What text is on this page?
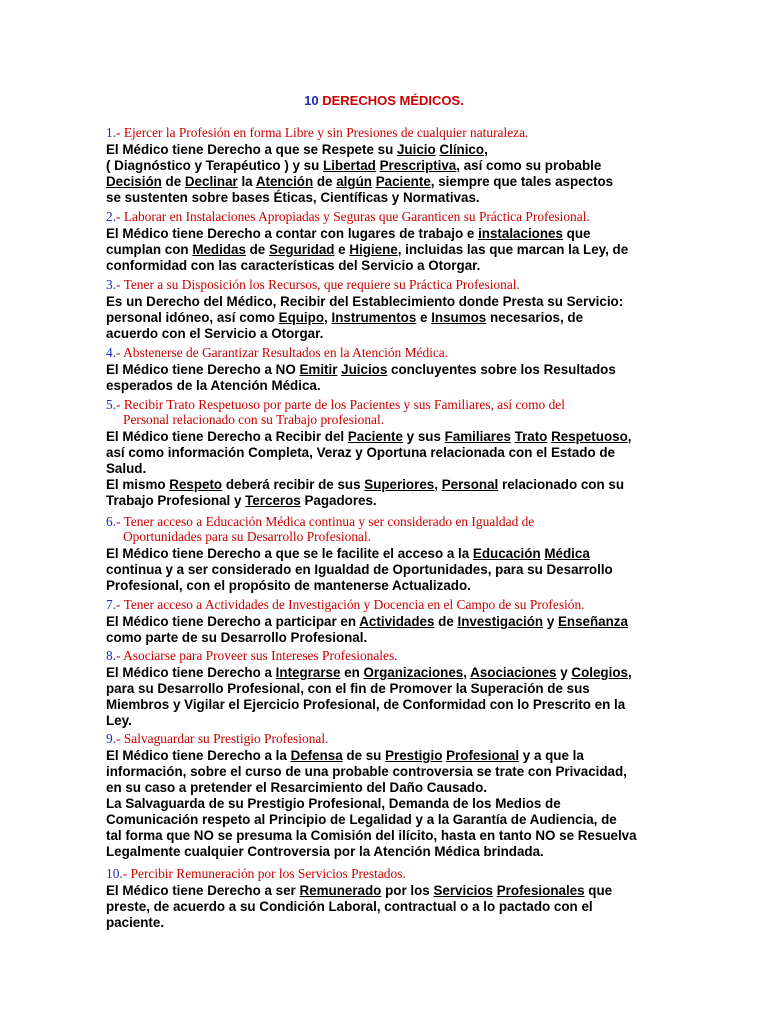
10 DERECHOS MÉDICOS.
1.- Ejercer la Profesión en forma Libre y sin Presiones de cualquier naturaleza.
El Médico tiene Derecho a que se Respete su Juicio Clínico,
( Diagnóstico y Terapéutico ) y su Libertad Prescriptiva, así como su probable
Decisión de Declinar la Atención de algún Paciente, siempre que tales aspectos
se sustenten sobre bases Éticas, Científicas y Normativas.
2.- Laborar en Instalaciones Apropiadas y Seguras que Garanticen su Práctica Profesional.
El Médico tiene Derecho a contar con lugares de trabajo e instalaciones que
cumplan con Medidas de Seguridad e Higiene, incluidas las que marcan la Ley, de
conformidad con las características del Servicio a Otorgar.
3.- Tener a su Disposición los Recursos, que requiere su Práctica Profesional.
Es un Derecho del Médico, Recibir del Establecimiento donde Presta su Servicio:
personal idóneo, así como Equipo, Instrumentos e Insumos necesarios, de
acuerdo con el Servicio a Otorgar.
4.- Abstenerse de Garantizar Resultados en la Atención Médica.
El Médico tiene Derecho a NO Emitir Juicios concluyentes sobre los Resultados
esperados de la Atención Médica.
5.- Recibir Trato Respetuoso por parte de los Pacientes y sus Familiares, así como del
Personal relacionado con su Trabajo profesional.
El Médico tiene Derecho a Recibir del Paciente y sus Familiares Trato Respetuoso,
así como información Completa, Veraz y Oportuna relacionada con el Estado de
Salud.
El mismo Respeto deberá recibir de sus Superiores, Personal relacionado con su
Trabajo Profesional y Terceros Pagadores.
6.- Tener acceso a Educación Médica continua y ser considerado en Igualdad de
Oportunidades para su Desarrollo Profesional.
El Médico tiene Derecho a que se le facilite el acceso a la Educación Médica
continua y a ser considerado en Igualdad de Oportunidades, para su Desarrollo
Profesional, con el propósito de mantenerse Actualizado.
7.- Tener acceso a Actividades de Investigación y Docencia en el Campo de su Profesión.
El Médico tiene Derecho a participar en Actividades de Investigación y Enseñanza
como parte de su Desarrollo Profesional.
8.- Asociarse para Proveer sus Intereses Profesionales.
El Médico tiene Derecho a Integrarse en Organizaciones, Asociaciones y Colegios,
para su Desarrollo Profesional, con el fin de Promover la Superación de sus
Miembros y Vigilar el Ejercicio Profesional, de Conformidad con lo Prescrito en la
Ley.
9.- Salvaguardar su Prestigio Profesional.
El Médico tiene Derecho a la Defensa de su Prestigio Profesional y a que la
información, sobre el curso de una probable controversia se trate con Privacidad,
en su caso a pretender el Resarcimiento del Daño Causado.
La Salvaguarda de su Prestigio Profesional, Demanda de los Medios de
Comunicación respeto al Principio de Legalidad y a la Garantía de Audiencia, de
tal forma que NO se presuma la Comisión del ilícito, hasta en tanto NO se Resuelva
Legalmente cualquier Controversia por la Atención Médica brindada.
10.- Percibir Remuneración por los Servicios Prestados.
El Médico tiene Derecho a ser Remunerado por los Servicios Profesionales que
preste, de acuerdo a su Condición Laboral, contractual o a lo pactado con el
paciente.
